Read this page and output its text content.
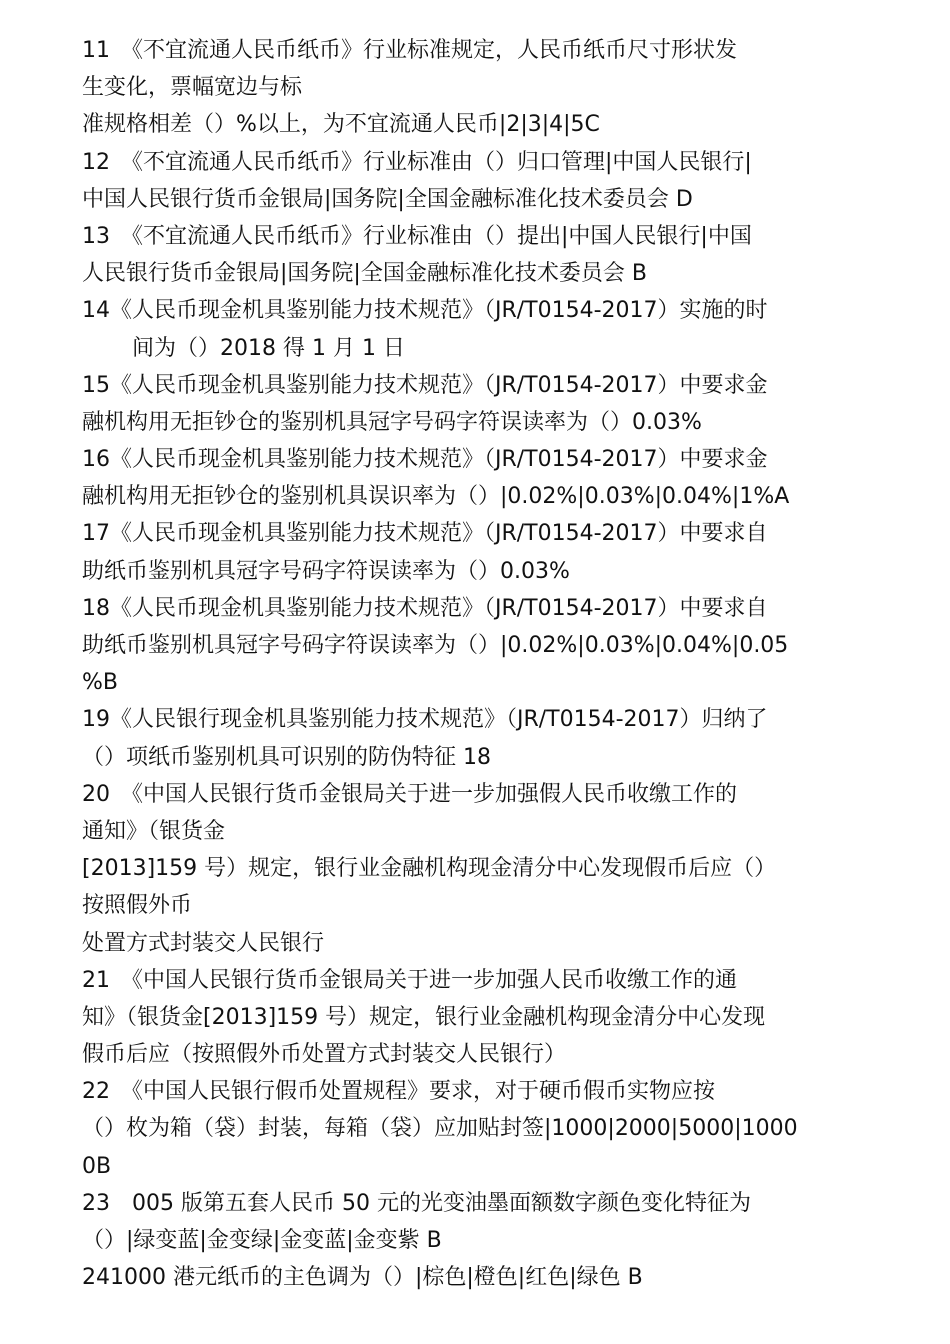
11　《不宜流通人民币纸币》行业标准规定，人民币纸币尺寸形状发
生变化，票幅宽边与标
准规格相差（）%以上，为不宜流通人民币|2|3|4|5C
12　《不宜流通人民币纸币》行业标准由（）归口管理|中国人民银行|
中国人民银行货币金银局|国务院|全国金融标准化技术委员会 D
13　《不宜流通人民币纸币》行业标准由（）提出|中国人民银行|中国
人民银行货币金银局|国务院|全国金融标准化技术委员会 B
14《人民币现金机具鉴别能力技术规范》（JR/T0154-2017）实施的时
间为（）2018 得 1 月 1 日
15《人民币现金机具鉴别能力技术规范》（JR/T0154-2017）中要求金
融机构用无拒钞仓的鉴别机具冠字号码字符误读率为（）0.03%
16《人民币现金机具鉴别能力技术规范》（JR/T0154-2017）中要求金
融机构用无拒钞仓的鉴别机具误识率为（）|0.02%|0.03%|0.04%|1%A
17《人民币现金机具鉴别能力技术规范》（JR/T0154-2017）中要求自
助纸币鉴别机具冠字号码字符误读率为（）0.03%
18《人民币现金机具鉴别能力技术规范》（JR/T0154-2017）中要求自
助纸币鉴别机具冠字号码字符误读率为（）|0.02%|0.03%|0.04%|0.05
%B
19《人民银行现金机具鉴别能力技术规范》（JR/T0154-2017）归纳了
（）项纸币鉴别机具可识别的防伪特征 18
20　《中国人民银行货币金银局关于进一步加强假人民币收缴工作的
通知》（银货金
[2013]159 号）规定，银行业金融机构现金清分中心发现假币后应（）
按照假外币
处置方式封装交人民银行
21　《中国人民银行货币金银局关于进一步加强人民币收缴工作的通
知》（银货金[2013]159 号）规定，银行业金融机构现金清分中心发现
假币后应（按照假外币处置方式封装交人民银行）
22　《中国人民银行假币处置规程》要求，对于硬币假币实物应按
（）枚为箱（袋）封装，每箱（袋）应加贴封签|1000|2000|5000|1000
0B
23　005 版第五套人民币 50 元的光变油墨面额数字颜色变化特征为
（）|绿变蓝|金变绿|金变蓝|金变紫 B
241000 港元纸币的主色调为（）|棕色|橙色|红色|绿色 B
